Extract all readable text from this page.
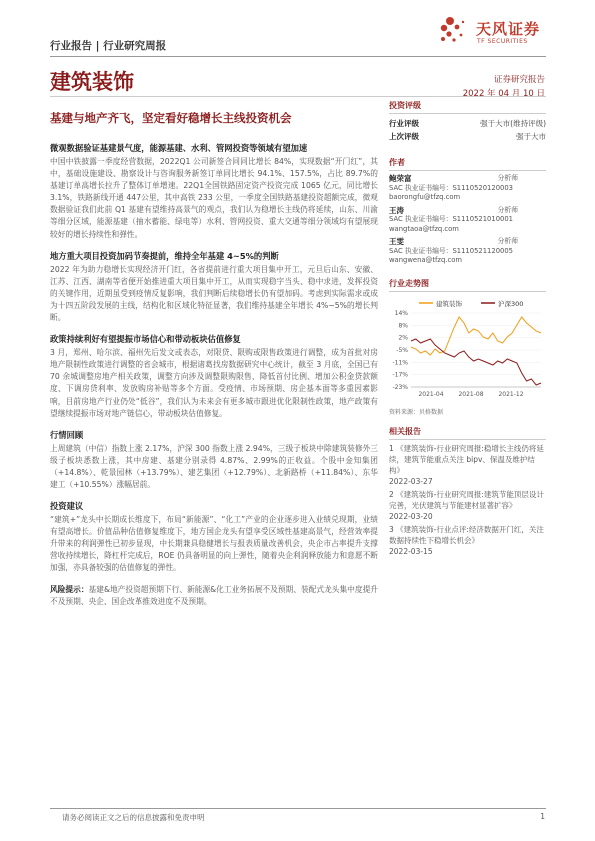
天风证券
TF SECURITIES
行业报告 | 行业研究周报
建筑装饰	证券研究报告
2022 年 04 月 10 日
基建与地产齐飞，坚定看好稳增长主线投资机会
微观数据验证基建景气度，能源基建、水利、管网投资等领域有望加速
中国中铁披露一季度经营数据，2022Q1 公司新签合同同比增长 84%，实现数据“开门红”，其中，基础设施建设、勘察设计与咨询服务新签订单同比增长 94.1%、157.5%，占比 89.7%的基建订单高增长拉升了整体订单增速。22Q1全国铁路固定资产投资完成 1065 亿元，同比增长 3.1%，铁路新线开通 447公里，其中高铁 233 公里，一季度全国铁路基建投资超额完成，微观数据验证我们此前 Q1 基建有望维持高景气的观点，我们认为稳增长主线仍将延续，山东、川渝等细分区域，能源基建（抽水蓄能、绿电等）水利、管网投资、重大交通等细分领域均有望展现较好的增长持续性和弹性。
地方重大项目投资加码节奏提前，维持全年基建 4~5%的判断
2022 年为助力稳增长实现经济开门红，各省提前进行重大项目集中开工，元旦后山东、安徽、江苏、江西、湖南等省便开始推进重大项目集中开工，从而实现稳字当头、稳中求进，发挥投资的关键作用，近期虽受到疫情反复影响，我们判断后续稳增长仍有望加码。考虑到实际需求或成为十四五阶段发展的主线，结构化和区域化特征显著，我们维持基建全年增长 4%~5%的增长判断。
政策持续利好有望提振市场信心和带动板块估值修复
3 月，郑州、哈尔滨、福州先后发文或表态，对限贷、限购或限售政策进行调整，成为首批对房地产限制性政策进行调整的省会城市，根据诸葛找房数据研究中心统计，截至 3 月底，全国已有 70 余城调整房地产相关政策，调整方向涉及调整限购限售、降低首付比例、增加公积金贷款额度、下调房贷利率、发放购房补贴等多个方面。受疫情、市场预期、房企基本面等多重因素影响，目前房地产行业仍处“低谷”，我们认为未来会有更多城市跟进优化限制性政策，地产政策有望继续提振市场对地产链信心，带动板块估值修复。
行情回顾
上周建筑（中信）指数上涨 2.17%，沪深 300 指数上涨 2.94%，三级子板块中除建筑装修外三级子板块悉数上涨，其中房建、基建分别录得 4.87%、2.99%的正收益。个股中金知集团（+14.8%）、乾景园林（+13.79%）、建艺集团（+12.79%）、北新路桥（+11.84%）、东华建工（+10.55%）涨幅居前。
投资建议
“建筑+”龙头中长期成长维度下，布局“新能源”、“化工”产业的企业逐步进入业绩兑现期，业绩有望高增长。价值品种估值修复维度下，地方国企龙头有望享受区域性基建高景气，经营效率提升带来的利润弹性已初步显现，中长期兼具稳健增长与报表质量改善机会，央企市占率提升支撑营收持续增长，降杠杆完成后，ROE 仍具备明显的向上弹性，随着央企利润释放能力和意愿不断加强，亦具备较强的估值修复的弹性。
风险提示：基建&地产投资超预期下行、新能源&化工业务拓展不及预期、装配式龙头集中度提升不及预期、央企、国企改革推效进度不及预期。
投资评级
行业评级	强于大市(维持评级)
上次评级	强于大市
作者
鲍荣富	分析师
SAC 执业证书编号：S1110520120003
baorongfu@tfzq.com
王涛	分析师
SAC 执业证书编号：S1110521010001
wangtaoa@tfzq.com
王雯	分析师
SAC 执业证书编号：S1110521120005
wangwena@tfzq.com
行业走势图
建筑装饰	沪深300
14%
8%
2%
-5%
-11%
-17%
-23%
2021-04 2021-08 2021-12
资料来源：贝格数据
相关报告
1 《建筑装饰-行业研究周报:稳增长主线仍将延续，建筑节能重点关注 bipv、保温及维护结构》
2022-03-27
2 《建筑装饰-行业研究周报:建筑节能顶层设计完善，光伏建筑与节能建材显著扩容》
2022-03-20
3 《建筑装饰-行业点评:经济数据开门红，关注数据持续性下稳增长机会》
2022-03-15
请务必阅读正文之后的信息披露和免责申明	1
